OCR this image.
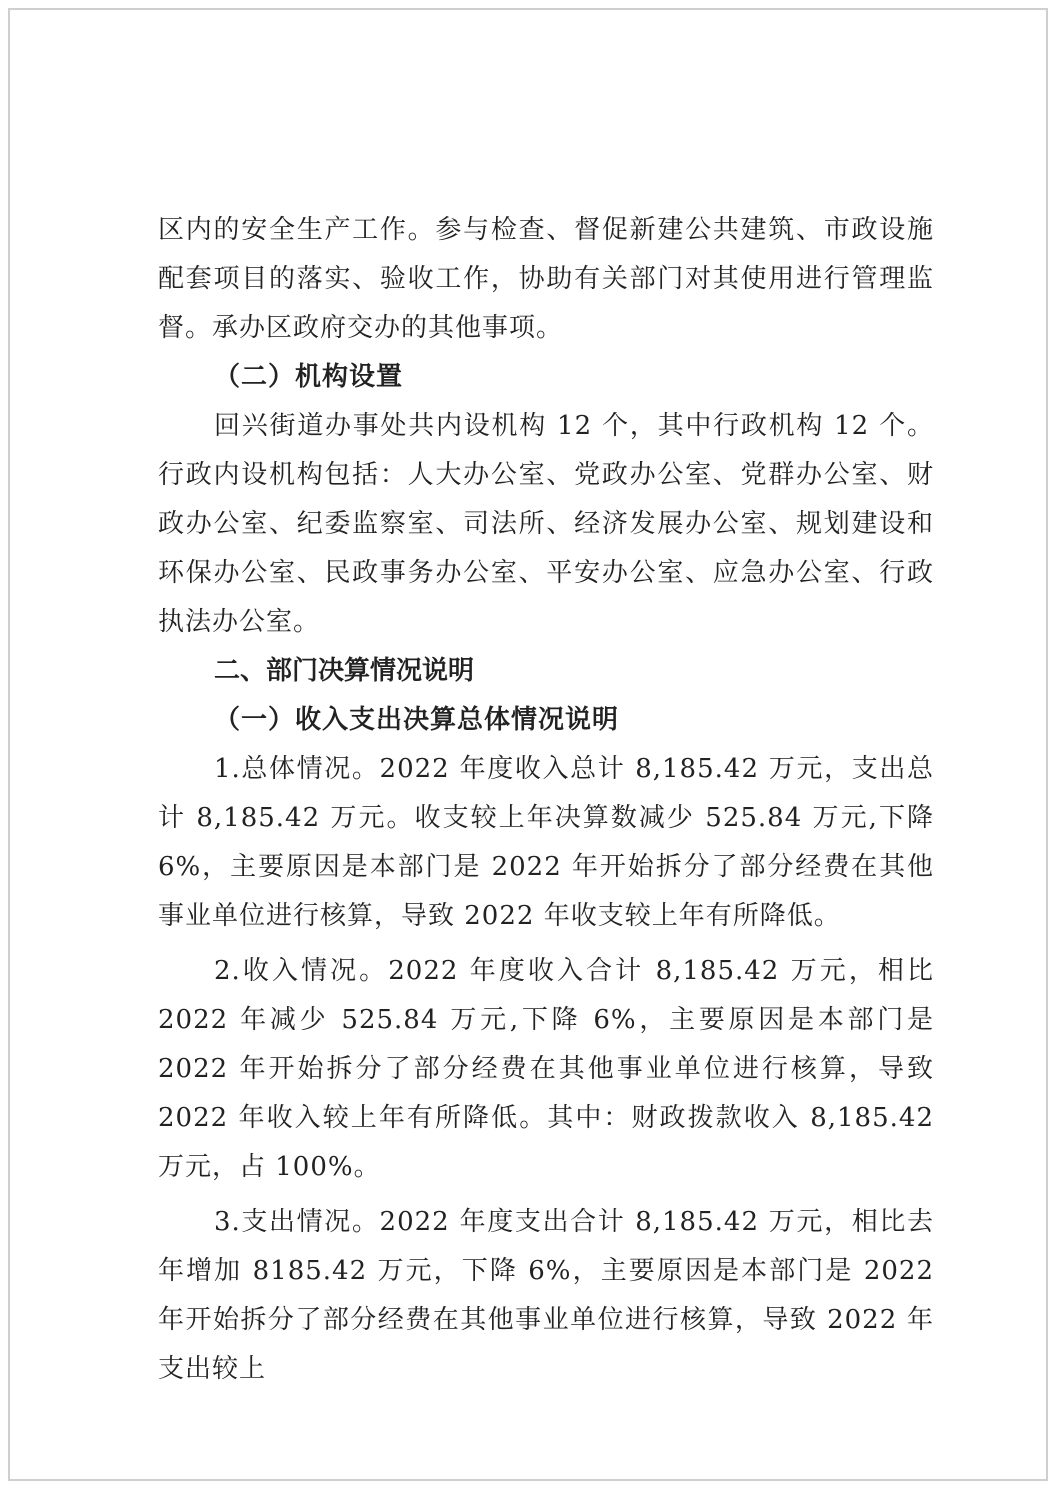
区内的安全生产工作。参与检查、督促新建公共建筑、市政设施配套项目的落实、验收工作，协助有关部门对其使用进行管理监督。承办区政府交办的其他事项。

（二）机构设置

回兴街道办事处共内设机构 12 个，其中行政机构 12 个。行政内设机构包括：人大办公室、党政办公室、党群办公室、财政办公室、纪委监察室、司法所、经济发展办公室、规划建设和环保办公室、民政事务办公室、平安办公室、应急办公室、行政执法办公室。

二、部门决算情况说明

（一）收入支出决算总体情况说明

1.总体情况。2022 年度收入总计 8,185.42 万元，支出总计 8,185.42 万元。收支较上年决算数减少 525.84 万元,下降 6%，主要原因是本部门是 2022 年开始拆分了部分经费在其他事业单位进行核算，导致 2022 年收支较上年有所降低。

2.收入情况。2022 年度收入合计 8,185.42 万元，相比 2022 年减少 525.84 万元,下降 6%，主要原因是本部门是 2022 年开始拆分了部分经费在其他事业单位进行核算，导致 2022 年收入较上年有所降低。其中：财政拨款收入 8,185.42 万元，占 100%。

3.支出情况。2022 年度支出合计 8,185.42 万元，相比去年增加 8185.42 万元，下降 6%，主要原因是本部门是 2022 年开始拆分了部分经费在其他事业单位进行核算，导致 2022 年支出较上
